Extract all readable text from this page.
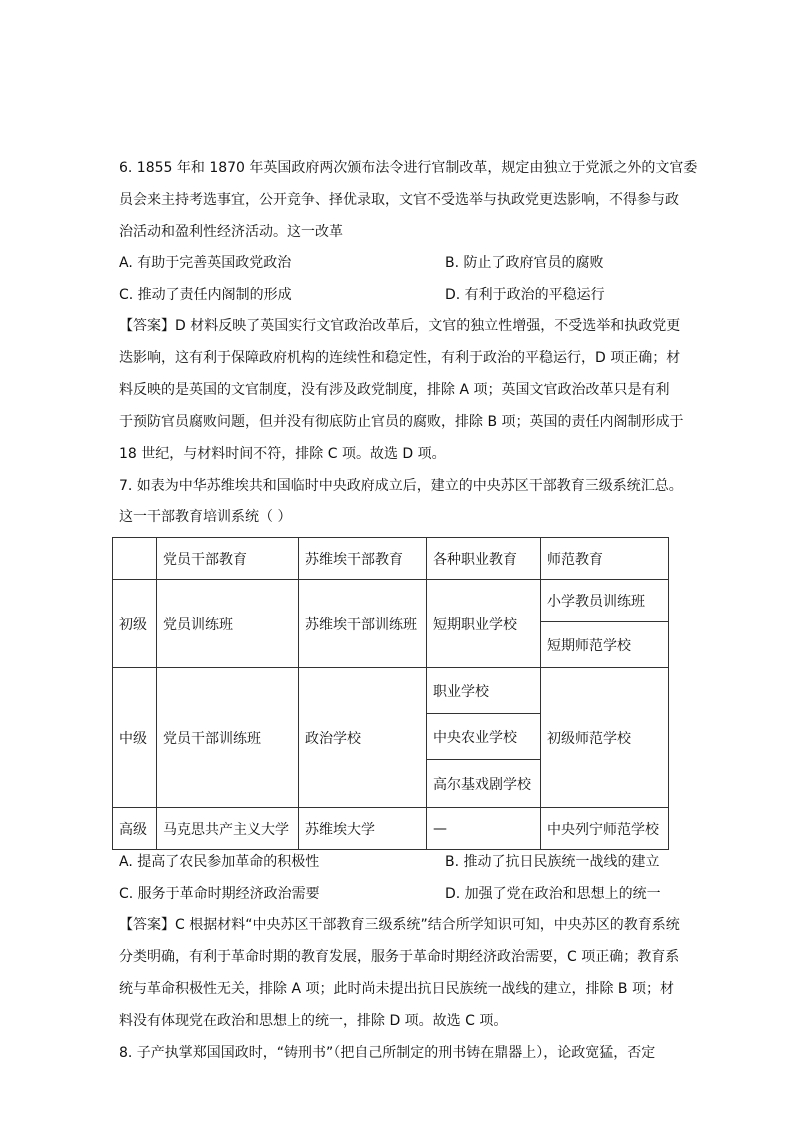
6. 1855 年和 1870 年英国政府两次颁布法令进行官制改革，规定由独立于党派之外的文官委
员会来主持考选事宜，公开竞争、择优录取，文官不受选举与执政党更迭影响，不得参与政
治活动和盈利性经济活动。这一改革
A. 有助于完善英国政党政治	B. 防止了政府官员的腐败
C. 推动了责任内阁制的形成	D. 有利于政治的平稳运行
【答案】D 材料反映了英国实行文官政治改革后，文官的独立性增强，不受选举和执政党更
迭影响，这有利于保障政府机构的连续性和稳定性，有利于政治的平稳运行，D 项正确；材
料反映的是英国的文官制度，没有涉及政党制度，排除 A 项；英国文官政治改革只是有利
于预防官员腐败问题，但并没有彻底防止官员的腐败，排除 B 项；英国的责任内阁制形成于
18 世纪，与材料时间不符，排除 C 项。故选 D 项。
7. 如表为中华苏维埃共和国临时中央政府成立后，建立的中央苏区干部教育三级系统汇总。
这一干部教育培训系统（ ）
	党员干部教育	苏维埃干部教育	各种职业教育	师范教育
初级	党员训练班	苏维埃干部训练班	短期职业学校	小学教员训练班
				短期师范学校
中级	党员干部训练班	政治学校	职业学校	初级师范学校
			中央农业学校	
			高尔基戏剧学校	
高级	马克思共产主义大学	苏维埃大学	—	中央列宁师范学校
A. 提高了农民参加革命的积极性	B. 推动了抗日民族统一战线的建立
C. 服务于革命时期经济政治需要	D. 加强了党在政治和思想上的统一
【答案】C 根据材料“中央苏区干部教育三级系统”结合所学知识可知，中央苏区的教育系统
分类明确，有利于革命时期的教育发展，服务于革命时期经济政治需要，C 项正确；教育系
统与革命积极性无关，排除 A 项；此时尚未提出抗日民族统一战线的建立，排除 B 项；材
料没有体现党在政治和思想上的统一，排除 D 项。故选 C 项。
8. 子产执掌郑国国政时，“铸刑书”（把自己所制定的刑书铸在鼎器上），论政宽猛，否定
